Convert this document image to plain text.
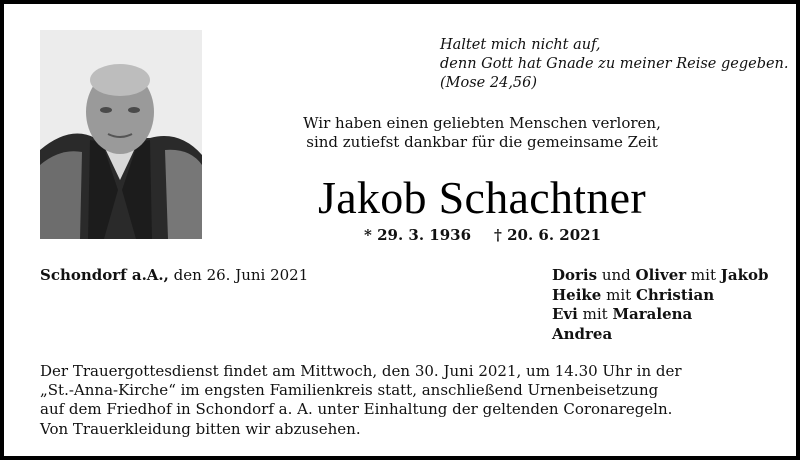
Haltet mich nicht auf,
denn Gott hat Gnade zu meiner Reise gegeben.
(Mose 24,56)
Wir haben einen geliebten Menschen verloren,
sind zutiefst dankbar für die gemeinsame Zeit
Jakob Schachtner
* 29. 3. 1936 † 20. 6. 2021
Schondorf a.A., den 26. Juni 2021	Doris und Oliver mit Jakob
Heike mit Christian
Evi mit Maralena
Andrea
Der Trauergottesdienst findet am Mittwoch, den 30. Juni 2021, um 14.30 Uhr in der
„St.-Anna-Kirche“ im engsten Familienkreis statt, anschließend Urnenbeisetzung
auf dem Friedhof in Schondorf a. A. unter Einhaltung der geltenden Coronaregeln.
Von Trauerkleidung bitten wir abzusehen.
